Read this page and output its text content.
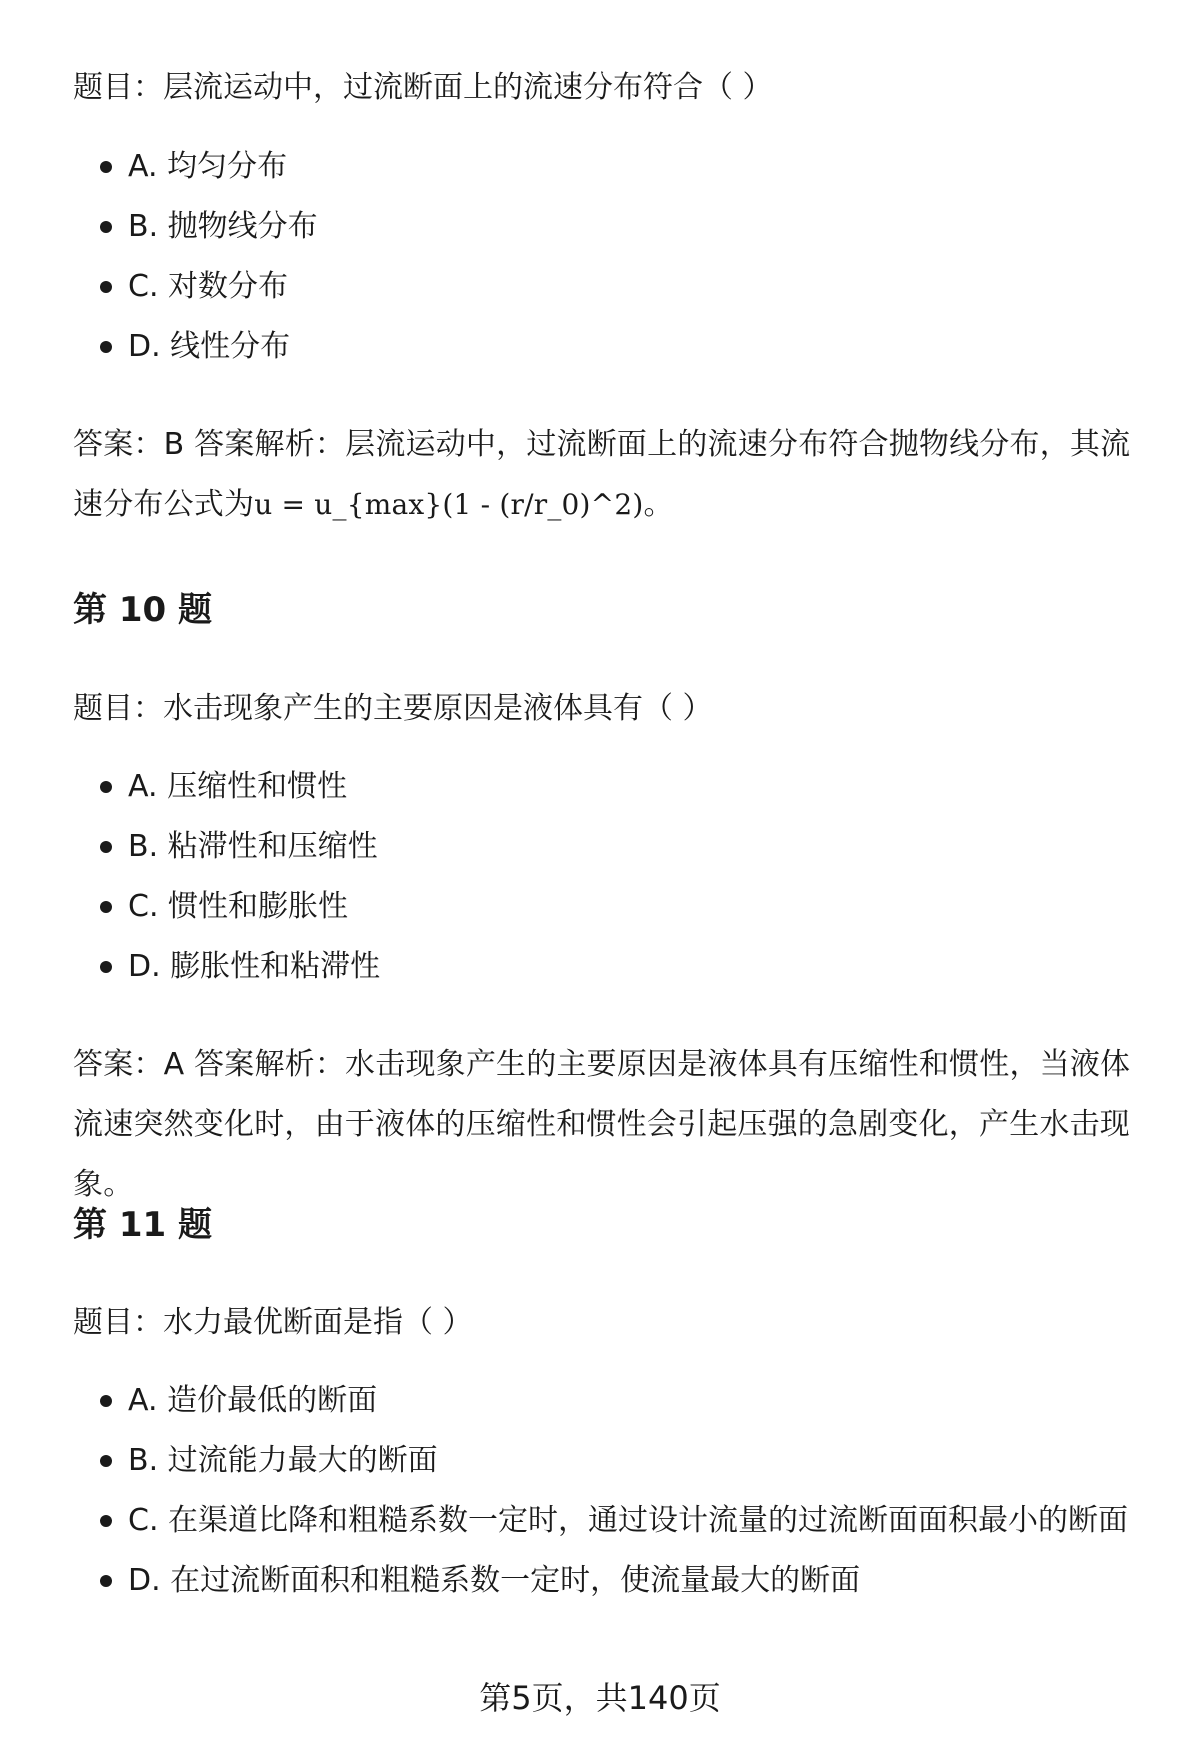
题目：层流运动中，过流断面上的流速分布符合（ ）

A. 均匀分布
B. 抛物线分布
C. 对数分布
D. 线性分布

答案：B 答案解析：层流运动中，过流断面上的流速分布符合抛物线分布，其流速分布公式为u = u_{max}(1 - (r/r_0)^2)。

第 10 题

题目：水击现象产生的主要原因是液体具有（ ）

A. 压缩性和惯性
B. 粘滞性和压缩性
C. 惯性和膨胀性
D. 膨胀性和粘滞性

答案：A 答案解析：水击现象产生的主要原因是液体具有压缩性和惯性，当液体流速突然变化时，由于液体的压缩性和惯性会引起压强的急剧变化，产生水击现象。

第 11 题

题目：水力最优断面是指（ ）

A. 造价最低的断面
B. 过流能力最大的断面
C. 在渠道比降和粗糙系数一定时，通过设计流量的过流断面面积最小的断面
D. 在过流断面积和粗糙系数一定时，使流量最大的断面
第5页，共140页
